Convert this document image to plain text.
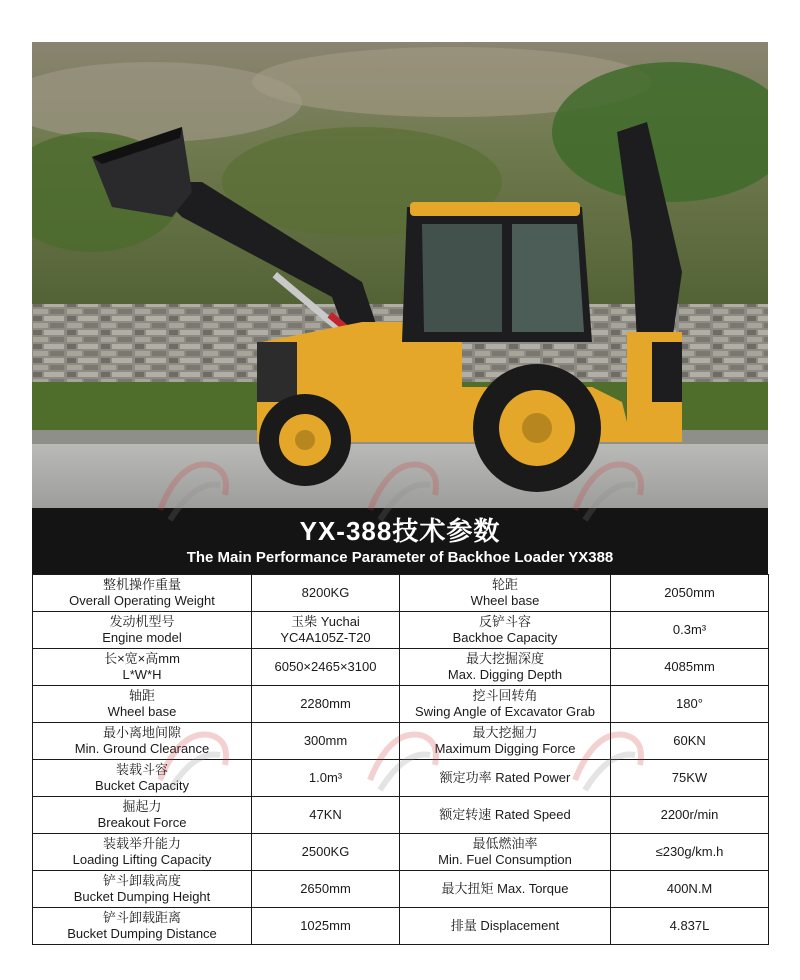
YX-388技术参数
The Main Performance Parameter of Backhoe Loader YX388
整机操作重量
Overall Operating Weight	8200KG	轮距
Wheel base	2050mm

发动机型号
Engine model	玉柴 Yuchai
YC4A105Z-T20	反铲斗容
Backhoe Capacity	0.3m³

长×宽×高mm
L*W*H	6050×2465×3100	最大挖掘深度
Max. Digging Depth	4085mm

轴距
Wheel base	2280mm	挖斗回转角
Swing Angle of Excavator Grab	180°

最小离地间隙
Min. Ground Clearance	300mm	最大挖掘力
Maximum Digging Force	60KN

装载斗容
Bucket Capacity	1.0m³	额定功率 Rated Power	75KW

掘起力
Breakout Force	47KN	额定转速 Rated Speed	2200r/min

装载举升能力
Loading Lifting Capacity	2500KG	最低燃油率
Min. Fuel Consumption	≤230g/km.h

铲斗卸载高度
Bucket Dumping Height	2650mm	最大扭矩 Max. Torque	400N.M

铲斗卸载距离
Bucket Dumping Distance	1025mm	排量 Displacement	4.837L
